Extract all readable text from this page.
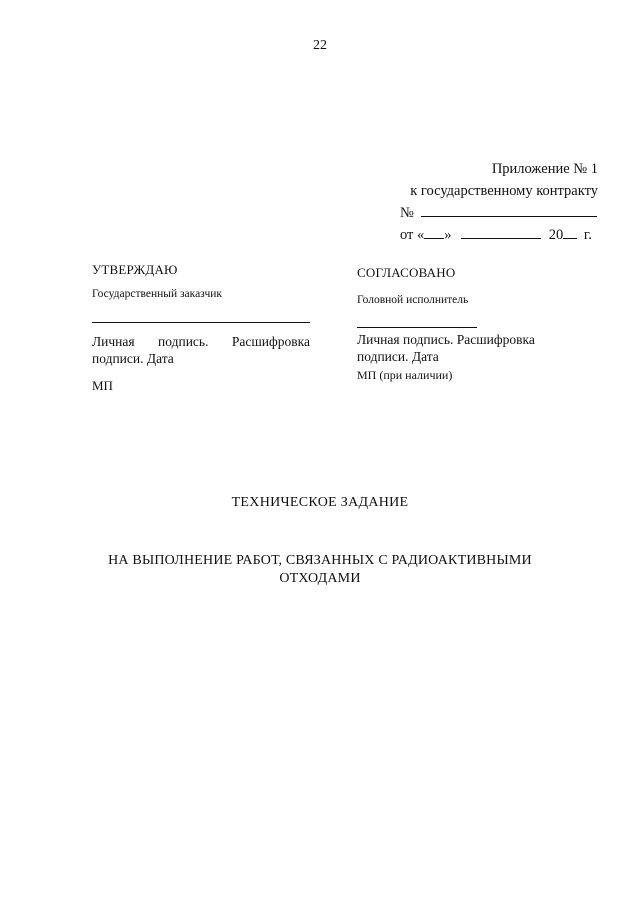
22
Приложение № 1
к государственному контракту
№
от « »	20 г.
УТВЕРЖДАЮ
Государственный заказчик
Личная подпись. Расшифровка
подписи. Дата
МП
СОГЛАСОВАНО
Головной исполнитель
Личная подпись. Расшифровка
подписи. Дата
МП (при наличии)
ТЕХНИЧЕСКОЕ ЗАДАНИЕ
НА ВЫПОЛНЕНИЕ РАБОТ, СВЯЗАННЫХ С РАДИОАКТИВНЫМИ
ОТХОДАМИ
